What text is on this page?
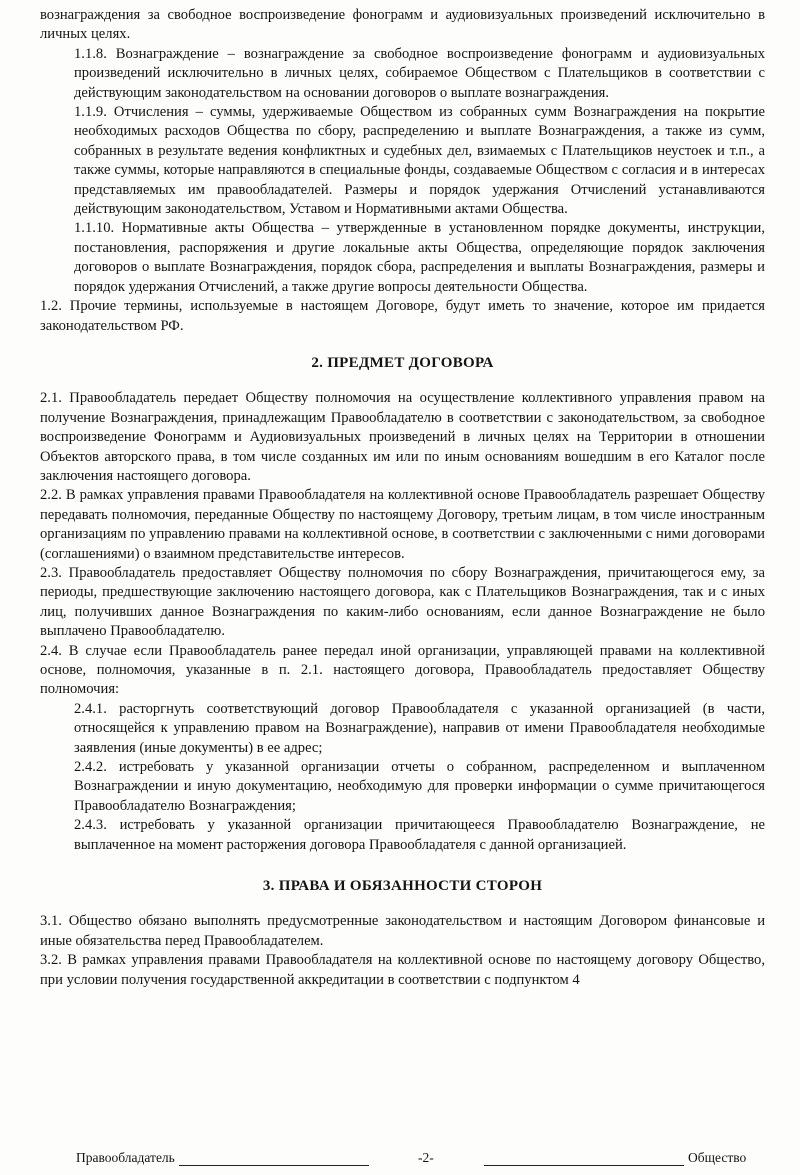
вознаграждения за свободное воспроизведение фонограмм и аудиовизуальных произведений исключительно в личных целях.

1.1.8. Вознаграждение – вознаграждение за свободное воспроизведение фонограмм и аудиовизуальных произведений исключительно в личных целях, собираемое Обществом с Плательщиков в соответствии с действующим законодательством на основании договоров о выплате вознаграждения.

1.1.9. Отчисления – суммы, удерживаемые Обществом из собранных сумм Вознаграждения на покрытие необходимых расходов Общества по сбору, распределению и выплате Вознаграждения, а также из сумм, собранных в результате ведения конфликтных и судебных дел, взимаемых с Плательщиков неустоек и т.п., а также суммы, которые направляются в специальные фонды, создаваемые Обществом с согласия и в интересах представляемых им правообладателей. Размеры и порядок удержания Отчислений устанавливаются действующим законодательством, Уставом и Нормативными актами Общества.

1.1.10. Нормативные акты Общества – утвержденные в установленном порядке документы, инструкции, постановления, распоряжения и другие локальные акты Общества, определяющие порядок заключения договоров о выплате Вознаграждения, порядок сбора, распределения и выплаты Вознаграждения, размеры и порядок удержания Отчислений, а также другие вопросы деятельности Общества.

1.2. Прочие термины, используемые в настоящем Договоре, будут иметь то значение, которое им придается законодательством РФ.

2. ПРЕДМЕТ ДОГОВОРА

2.1. Правообладатель передает Обществу полномочия на осуществление коллективного управления правом на получение Вознаграждения, принадлежащим Правообладателю в соответствии с законодательством, за свободное воспроизведение Фонограмм и Аудиовизуальных произведений в личных целях на Территории в отношении Объектов авторского права, в том числе созданных им или по иным основаниям вошедшим в его Каталог после заключения настоящего договора.

2.2. В рамках управления правами Правообладателя на коллективной основе Правообладатель разрешает Обществу передавать полномочия, переданные Обществу по настоящему Договору, третьим лицам, в том числе иностранным организациям по управлению правами на коллективной основе, в соответствии с заключенными с ними договорами (соглашениями) о взаимном представительстве интересов.

2.3. Правообладатель предоставляет Обществу полномочия по сбору Вознаграждения, причитающегося ему, за периоды, предшествующие заключению настоящего договора, как с Плательщиков Вознаграждения, так и с иных лиц, получивших данное Вознаграждения по каким-либо основаниям, если данное Вознаграждение не было выплачено Правообладателю.

2.4. В случае если Правообладатель ранее передал иной организации, управляющей правами на коллективной основе, полномочия, указанные в п. 2.1. настоящего договора, Правообладатель предоставляет Обществу полномочия:

2.4.1. расторгнуть соответствующий договор Правообладателя с указанной организацией (в части, относящейся к управлению правом на Вознаграждение), направив от имени Правообладателя необходимые заявления (иные документы) в ее адрес;

2.4.2. истребовать у указанной организации отчеты о собранном, распределенном и выплаченном Вознаграждении и иную документацию, необходимую для проверки информации о сумме причитающегося Правообладателю Вознаграждения;

2.4.3. истребовать у указанной организации причитающееся Правообладателю Вознаграждение, не выплаченное на момент расторжения договора Правообладателя с данной организацией.

3. ПРАВА И ОБЯЗАННОСТИ СТОРОН

3.1. Общество обязано выполнять предусмотренные законодательством и настоящим Договором финансовые и иные обязательства перед Правообладателем.

3.2. В рамках управления правами Правообладателя на коллективной основе по настоящему договору Общество, при условии получения государственной аккредитации в соответствии с подпунктом 4

Правообладатель	-2-	Общество
